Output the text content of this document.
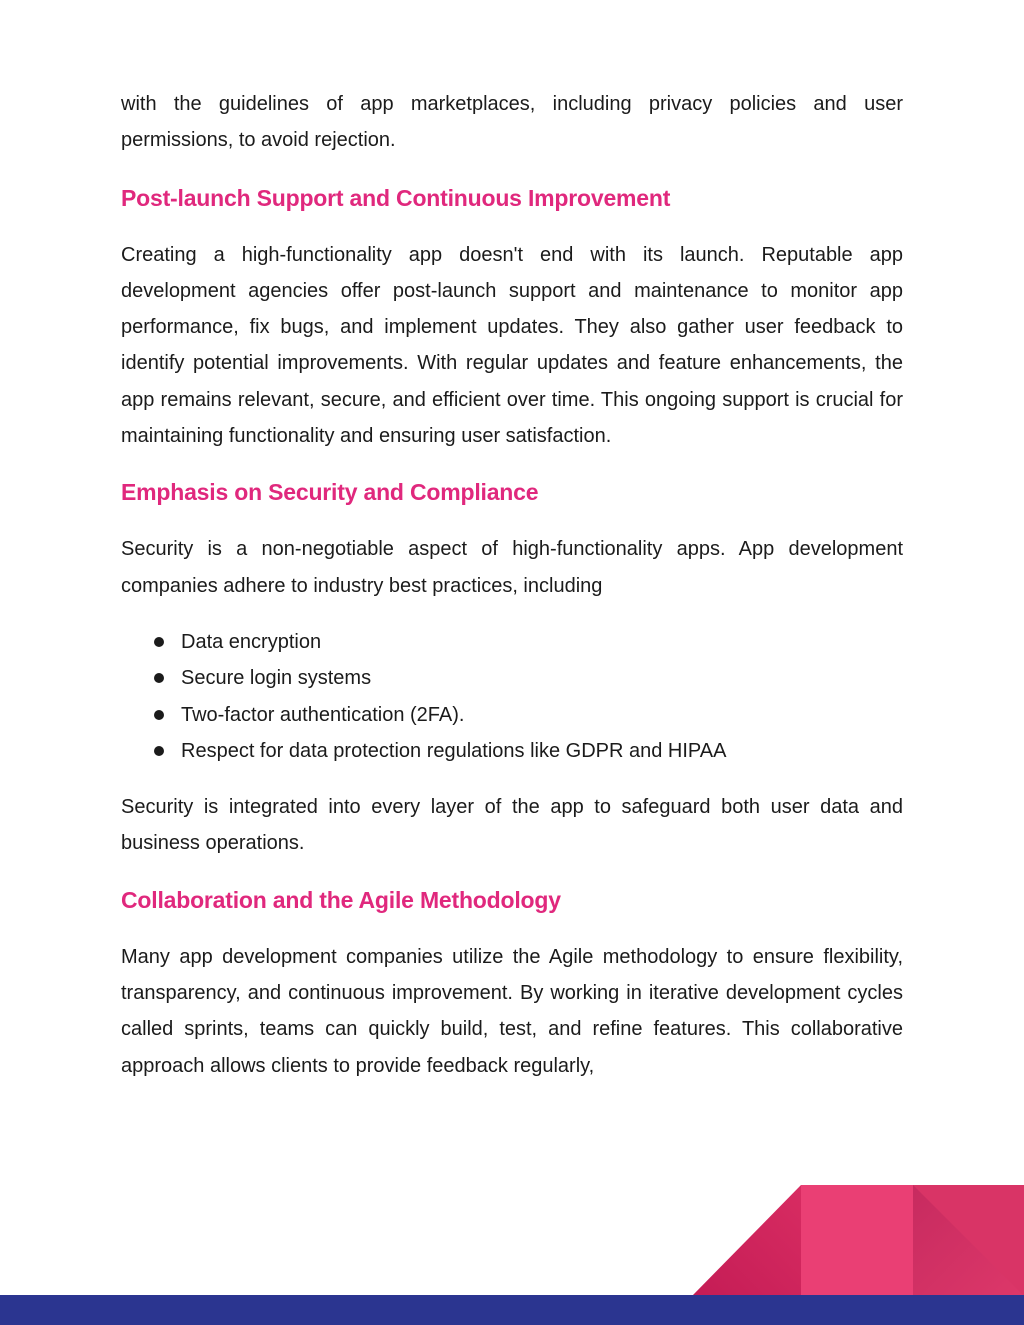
with the guidelines of app marketplaces, including privacy policies and user permissions, to avoid rejection.

Post-launch Support and Continuous Improvement

Creating a high-functionality app doesn't end with its launch. Reputable app development agencies offer post-launch support and maintenance to monitor app performance, fix bugs, and implement updates. They also gather user feedback to identify potential improvements. With regular updates and feature enhancements, the app remains relevant, secure, and efficient over time. This ongoing support is crucial for maintaining functionality and ensuring user satisfaction.

Emphasis on Security and Compliance

Security is a non-negotiable aspect of high-functionality apps. App development companies adhere to industry best practices, including

Data encryption
Secure login systems
Two-factor authentication (2FA).
Respect for data protection regulations like GDPR and HIPAA

Security is integrated into every layer of the app to safeguard both user data and business operations.

Collaboration and the Agile Methodology

Many app development companies utilize the Agile methodology to ensure flexibility, transparency, and continuous improvement. By working in iterative development cycles called sprints, teams can quickly build, test, and refine features. This collaborative approach allows clients to provide feedback regularly,
